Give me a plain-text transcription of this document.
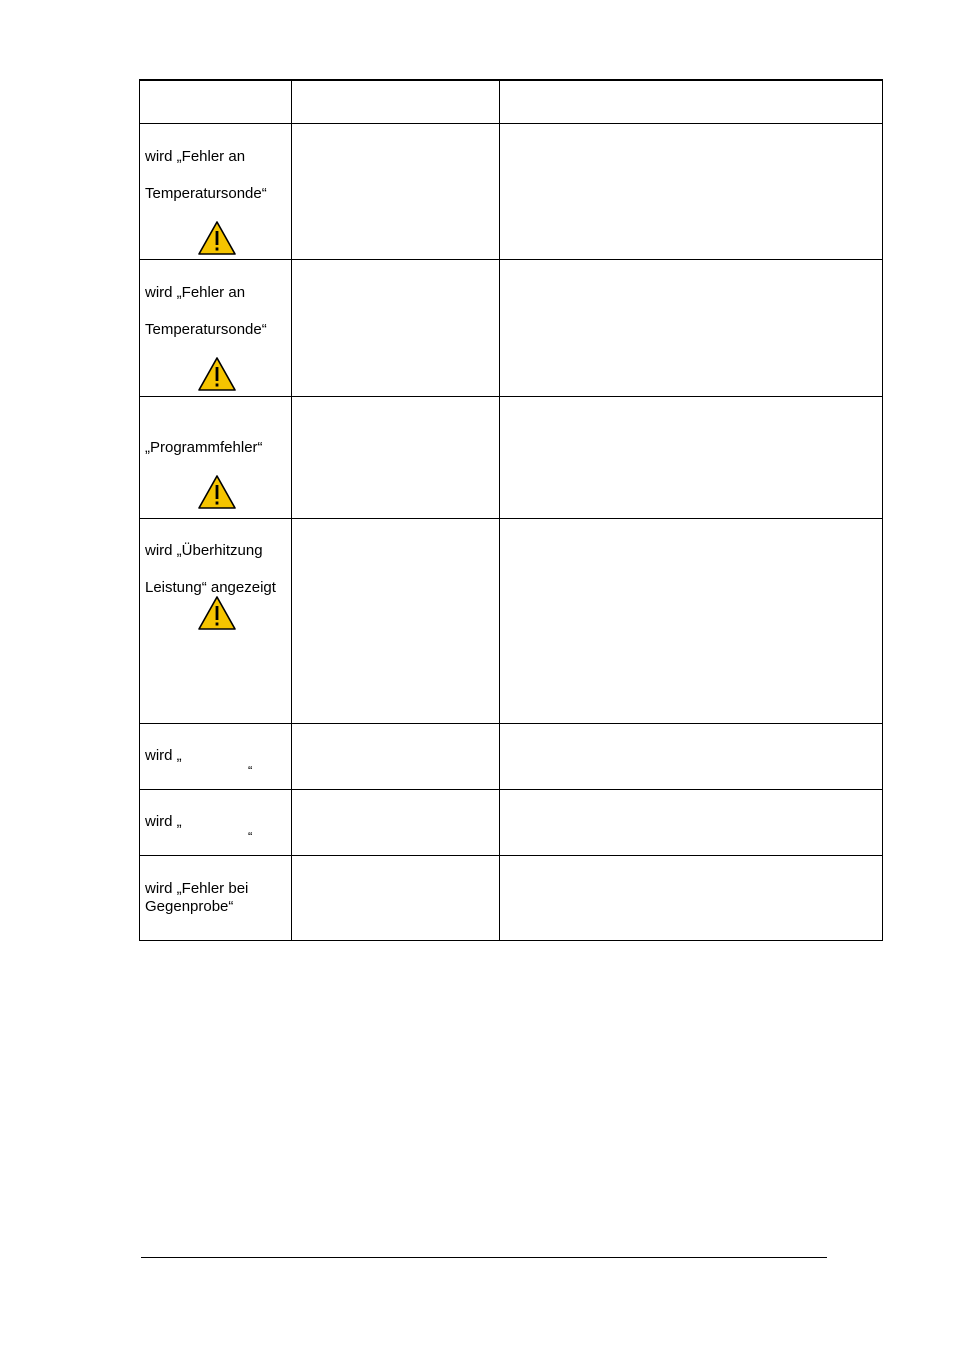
wird „Fehler an
Temperatursonde“		

wird „Fehler an
Temperatursonde“		

„Programmfehler“		

wird „Überhitzung
Leistung“ angezeigt		

wird „
“		

wird „
“		

wird „Fehler bei
Gegenprobe“		
